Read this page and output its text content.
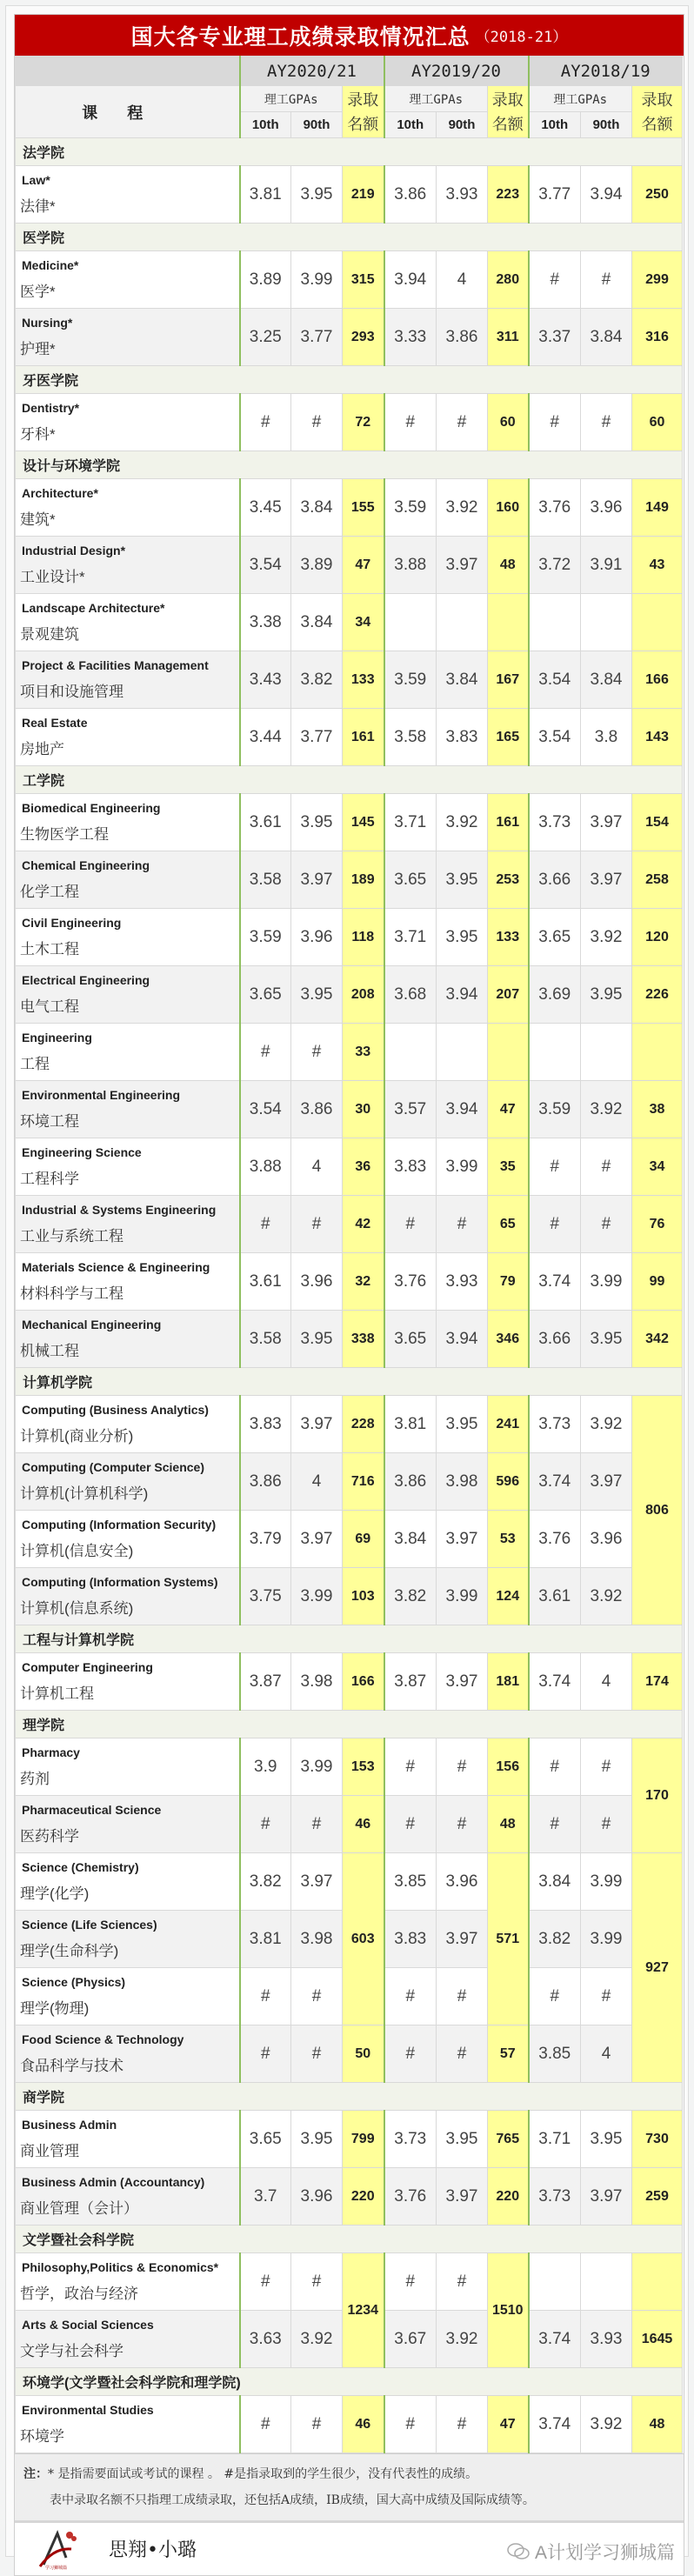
国大各专业理工成绩录取情况汇总 （2018-21）
	AY2020/21			AY2019/20			AY2018/19		
课程	理工GPAs		录取
名额	理工GPAs		录取
名额	理工GPAs		录取
名额
	10th	90th		10th	90th		10th	90th	
法学院									

Law*
法律*	3.81	3.95	219	3.86	3.93	223	3.77	3.94	250
医学院									

Medicine*
医学*	3.89	3.99	315	3.94	4	280	#	#	299

Nursing*
护理*	3.25	3.77	293	3.33	3.86	311	3.37	3.84	316
牙医学院									

Dentistry*
牙科*	#	#	72	#	#	60	#	#	60
设计与环境学院									

Architecture*
建筑*	3.45	3.84	155	3.59	3.92	160	3.76	3.96	149

Industrial Design*
工业设计*	3.54	3.89	47	3.88	3.97	48	3.72	3.91	43

Landscape Architecture*
景观建筑	3.38	3.84	34						

Project & Facilities Management
项目和设施管理	3.43	3.82	133	3.59	3.84	167	3.54	3.84	166

Real Estate
房地产	3.44	3.77	161	3.58	3.83	165	3.54	3.8	143
工学院									

Biomedical Engineering
生物医学工程	3.61	3.95	145	3.71	3.92	161	3.73	3.97	154

Chemical Engineering
化学工程	3.58	3.97	189	3.65	3.95	253	3.66	3.97	258

Civil Engineering
土木工程	3.59	3.96	118	3.71	3.95	133	3.65	3.92	120

Electrical Engineering
电气工程	3.65	3.95	208	3.68	3.94	207	3.69	3.95	226

Engineering
工程	#	#	33						

Environmental Engineering
环境工程	3.54	3.86	30	3.57	3.94	47	3.59	3.92	38

Engineering Science
工程科学	3.88	4	36	3.83	3.99	35	#	#	34

Industrial & Systems Engineering
工业与系统工程	#	#	42	#	#	65	#	#	76

Materials Science & Engineering
材料科学与工程	3.61	3.96	32	3.76	3.93	79	3.74	3.99	99

Mechanical Engineering
机械工程	3.58	3.95	338	3.65	3.94	346	3.66	3.95	342
计算机学院									

Computing (Business Analytics)
计算机(商业分析)	3.83	3.97	228	3.81	3.95	241	3.73	3.92	806

Computing (Computer Science)
计算机(计算机科学)	3.86	4	716	3.86	3.98	596	3.74	3.97	

Computing (Information Security)
计算机(信息安全)	3.79	3.97	69	3.84	3.97	53	3.76	3.96	

Computing (Information Systems)
计算机(信息系统)	3.75	3.99	103	3.82	3.99	124	3.61	3.92	
工程与计算机学院									

Computer Engineering
计算机工程	3.87	3.98	166	3.87	3.97	181	3.74	4	174
理学院									

Pharmacy
药剂	3.9	3.99	153	#	#	156	#	#	170

Pharmaceutical Science
医药科学	#	#	46	#	#	48	#	#	

Science (Chemistry)
理学(化学)	3.82	3.97	603	3.85	3.96	571	3.84	3.99	927

Science (Life Sciences)
理学(生命科学)	3.81	3.98		3.83	3.97		3.82	3.99	

Science (Physics)
理学(物理)	#	#		#	#		#	#	

Food Science & Technology
食品科学与技术	#	#	50	#	#	57	3.85	4	
商学院									

Business Admin
商业管理	3.65	3.95	799	3.73	3.95	765	3.71	3.95	730

Business Admin (Accountancy)
商业管理（会计）	3.7	3.96	220	3.76	3.97	220	3.73	3.97	259
文学暨社会科学院									

Philosophy,Politics & Economics*
哲学，政治与经济	#	#	1234	#	#	1510			

Arts & Social Sciences
文学与社会科学	3.63	3.92		3.67	3.92		3.74	3.93	1645
环境学(文学暨社会科学院和理学院)									

Environmental Studies
环境学	#	#	46	#	#	47	3.74	3.92	48
注：* 是指需要面试或考试的课程 。 #是指录取到的学生很少，没有代表性的成绩。
表中录取名额不只指理工成绩录取，还包括A成绩，IB成绩，国大高中成绩及国际成绩等。
学习狮城篇
思翔•小璐	A计划学习狮城篇
